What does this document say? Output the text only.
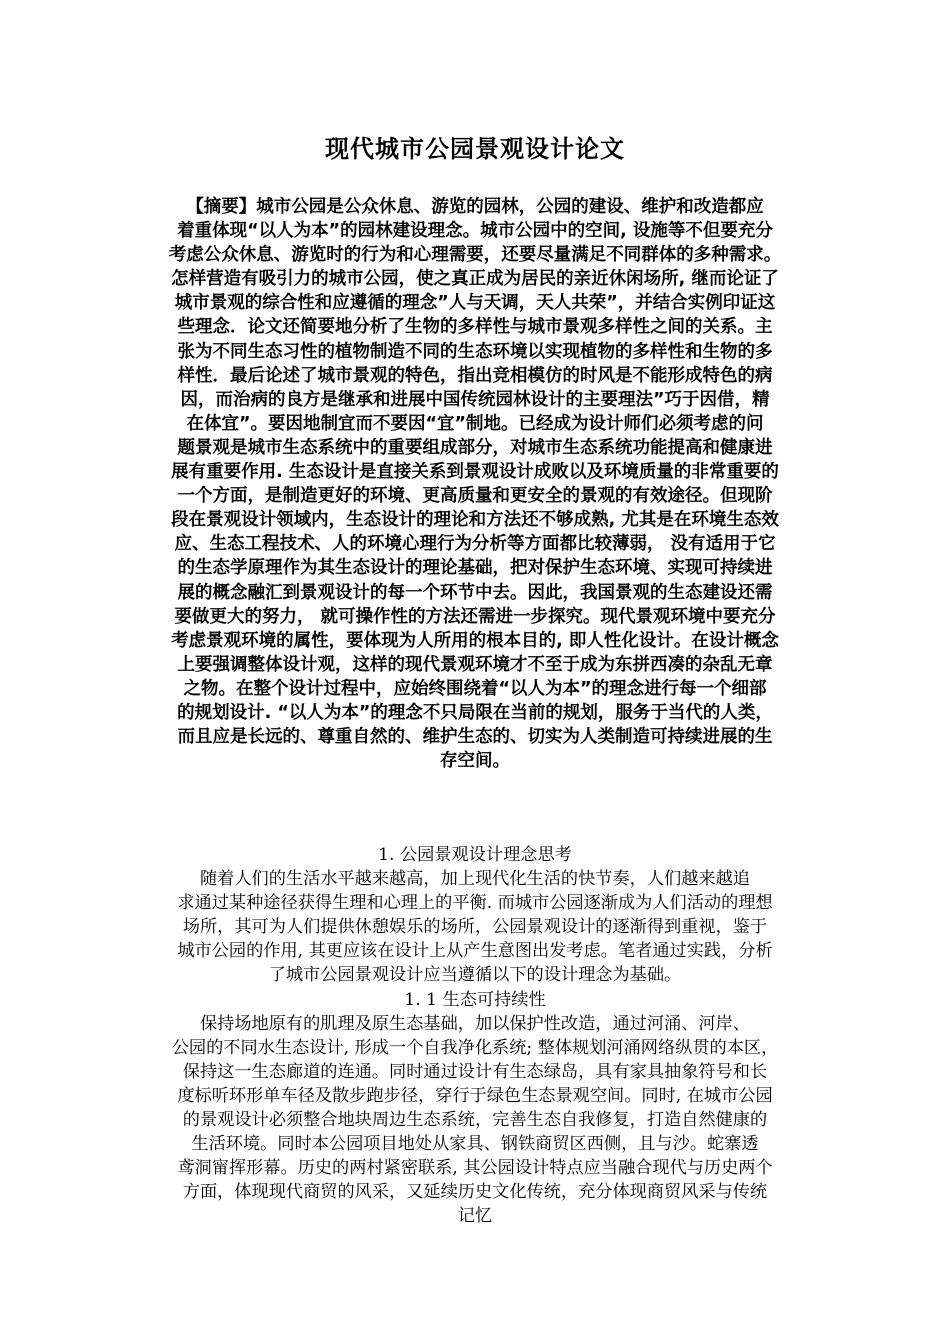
现代城市公园景观设计论文
【摘要】城市公园是公众休息、游览的园林，公园的建设、维护和改造都应
着重体现“以人为本”的园林建设理念。城市公园中的空间, 设施等不但要充分
考虑公众休息、游览时的行为和心理需要，还要尽量满足不同群体的多种需求。
怎样营造有吸引力的城市公园，使之真正成为居民的亲近休闲场所, 继而论证了
城市景观的综合性和应遵循的理念”人与天调，天人共荣”，并结合实例印证这
些理念．论文还简要地分析了生物的多样性与城市景观多样性之间的关系。主
张为不同生态习性的植物制造不同的生态环境以实现植物的多样性和生物的多
样性．最后论述了城市景观的特色，指出竞相模仿的时风是不能形成特色的病
因，而治病的良方是继承和进展中国传统园林设计的主要理法”巧于因借，精
在体宜”。要因地制宜而不要因“宜”制地。已经成为设计师们必须考虑的问
题景观是城市生态系统中的重要组成部分，对城市生态系统功能提高和健康进
展有重要作用. 生态设计是直接关系到景观设计成败以及环境质量的非常重要的
一个方面，是制造更好的环境、更高质量和更安全的景观的有效途径。但现阶
段在景观设计领域内，生态设计的理论和方法还不够成熟, 尤其是在环境生态效
应、生态工程技术、人的环境心理行为分析等方面都比较薄弱， 没有适用于它
的生态学原理作为其生态设计的理论基础，把对保护生态环境、实现可持续进
展的概念融汇到景观设计的每一个环节中去。因此，我国景观的生态建设还需
要做更大的努力， 就可操作性的方法还需进一步探究。现代景观环境中要充分
考虑景观环境的属性，要体现为人所用的根本目的, 即人性化设计。在设计概念
上要强调整体设计观，这样的现代景观环境才不至于成为东拼西凑的杂乱无章
之物。在整个设计过程中，应始终围绕着“以人为本”的理念进行每一个细部
的规划设计. “以人为本”的理念不只局限在当前的规划，服务于当代的人类，
而且应是长远的、尊重自然的、维护生态的、切实为人类制造可持续进展的生
存空间。
1. 公园景观设计理念思考
随着人们的生活水平越来越高，加上现代化生活的快节奏，人们越来越追
求通过某种途径获得生理和心理上的平衡. 而城市公园逐渐成为人们活动的理想
场所，其可为人们提供休憩娱乐的场所，公园景观设计的逐渐得到重视，鉴于
城市公园的作用, 其更应该在设计上从产生意图出发考虑。笔者通过实践，分析
了城市公园景观设计应当遵循以下的设计理念为基础。
1. 1 生态可持续性
保持场地原有的肌理及原生态基础，加以保护性改造，通过河涌、河岸、
公园的不同水生态设计, 形成一个自我净化系统; 整体规划河涌网络纵贯的本区，
保持这一生态廊道的连通。同时通过设计有生态绿岛，具有家具抽象符号和长
度标听环形单车径及散步跑步径，穿行于绿色生态景观空间。同时, 在城市公园
的景观设计必须整合地块周边生态系统，完善生态自我修复，打造自然健康的
生活环境。同时本公园项目地处从家具、钢铁商贸区西侧，且与沙。蛇寨透
鸢洞甯挥形幕。历史的两村紧密联系, 其公园设计特点应当融合现代与历史两个
方面，体现现代商贸的风采，又延续历史文化传统，充分体现商贸风采与传统
记忆
